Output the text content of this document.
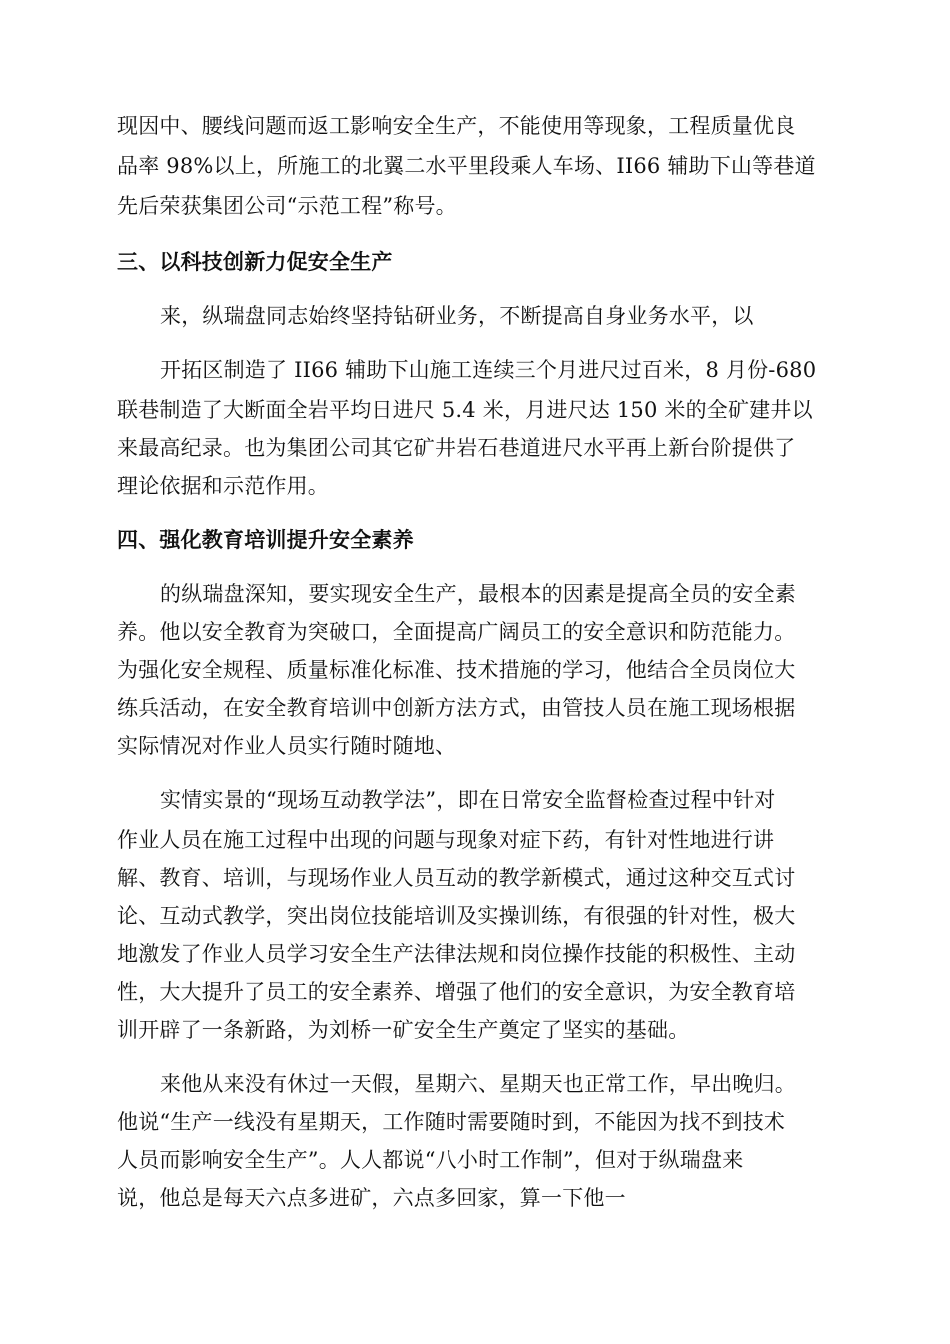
现因中、腰线问题而返工影响安全生产，不能使用等现象，工程质量优良
品率 98%以上，所施工的北翼二水平里段乘人车场、II66 辅助下山等巷道
先后荣获集团公司“示范工程”称号。
三、以科技创新力促安全生产
来，纵瑞盘同志始终坚持钻研业务，不断提高自身业务水平，以
开拓区制造了 II66 辅助下山施工连续三个月进尺过百米，8 月份-680
联巷制造了大断面全岩平均日进尺 5.4 米，月进尺达 150 米的全矿建井以
来最高纪录。也为集团公司其它矿井岩石巷道进尺水平再上新台阶提供了
理论依据和示范作用。
四、强化教育培训提升安全素养
的纵瑞盘深知，要实现安全生产，最根本的因素是提高全员的安全素
养。他以安全教育为突破口，全面提高广阔员工的安全意识和防范能力。
为强化安全规程、质量标准化标准、技术措施的学习，他结合全员岗位大
练兵活动，在安全教育培训中创新方法方式，由管技人员在施工现场根据
实际情况对作业人员实行随时随地、
实情实景的“现场互动教学法”，即在日常安全监督检查过程中针对
作业人员在施工过程中出现的问题与现象对症下药，有针对性地进行讲
解、教育、培训，与现场作业人员互动的教学新模式，通过这种交互式讨
论、互动式教学，突出岗位技能培训及实操训练，有很强的针对性，极大
地激发了作业人员学习安全生产法律法规和岗位操作技能的积极性、主动
性，大大提升了员工的安全素养、增强了他们的安全意识，为安全教育培
训开辟了一条新路，为刘桥一矿安全生产奠定了坚实的基础。
来他从来没有休过一天假，星期六、星期天也正常工作，早出晚归。
他说“生产一线没有星期天，工作随时需要随时到，不能因为找不到技术
人员而影响安全生产”。人人都说“八小时工作制”，但对于纵瑞盘来
说，他总是每天六点多进矿，六点多回家，算一下他一
